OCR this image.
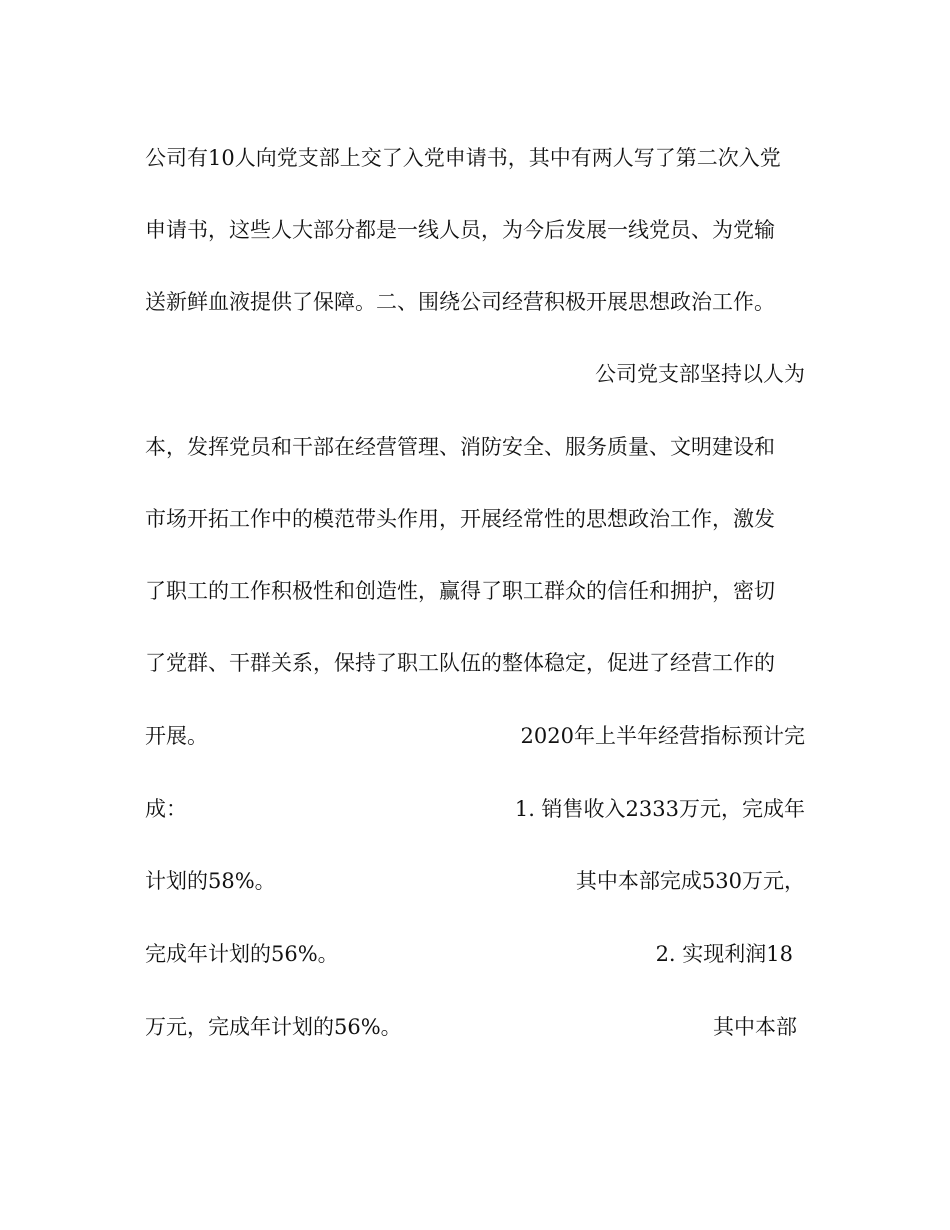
公司有10人向党支部上交了入党申请书，其中有两人写了第二次入党
申请书，这些人大部分都是一线人员，为今后发展一线党员、为党输
送新鲜血液提供了保障。二、围绕公司经营积极开展思想政治工作。
公司党支部坚持以人为
本，发挥党员和干部在经营管理、消防安全、服务质量、文明建设和
市场开拓工作中的模范带头作用，开展经常性的思想政治工作，激发
了职工的工作积极性和创造性，赢得了职工群众的信任和拥护，密切
了党群、干群关系，保持了职工队伍的整体稳定，促进了经营工作的
开展。	2020年上半年经营指标预计完
成：	1. 销售收入2333万元，完成年
计划的58%。	其中本部完成530万元，
完成年计划的56%。	2. 实现利润18
万元，完成年计划的56%。	其中本部
